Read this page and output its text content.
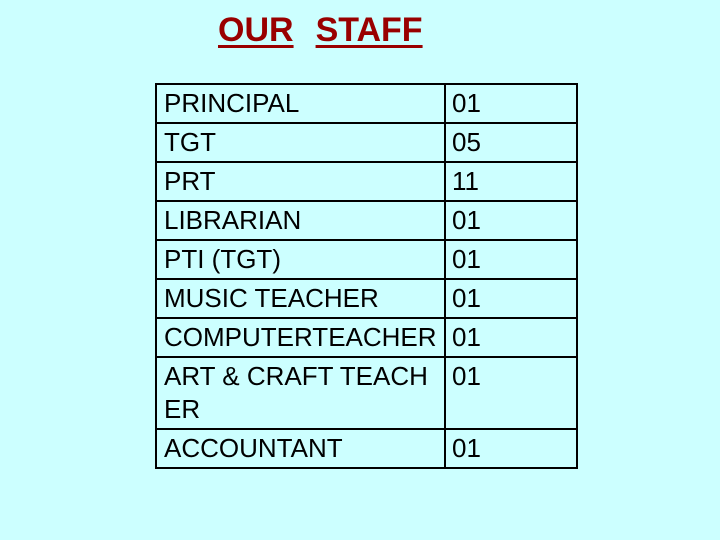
OUR STAFF
PRINCIPAL	01
TGT	05
PRT	11
LIBRARIAN	01
PTI (TGT)	01
MUSIC TEACHER	01
COMPUTERTEACHER	01
ART & CRAFT TEACHER	01
ACCOUNTANT	01
